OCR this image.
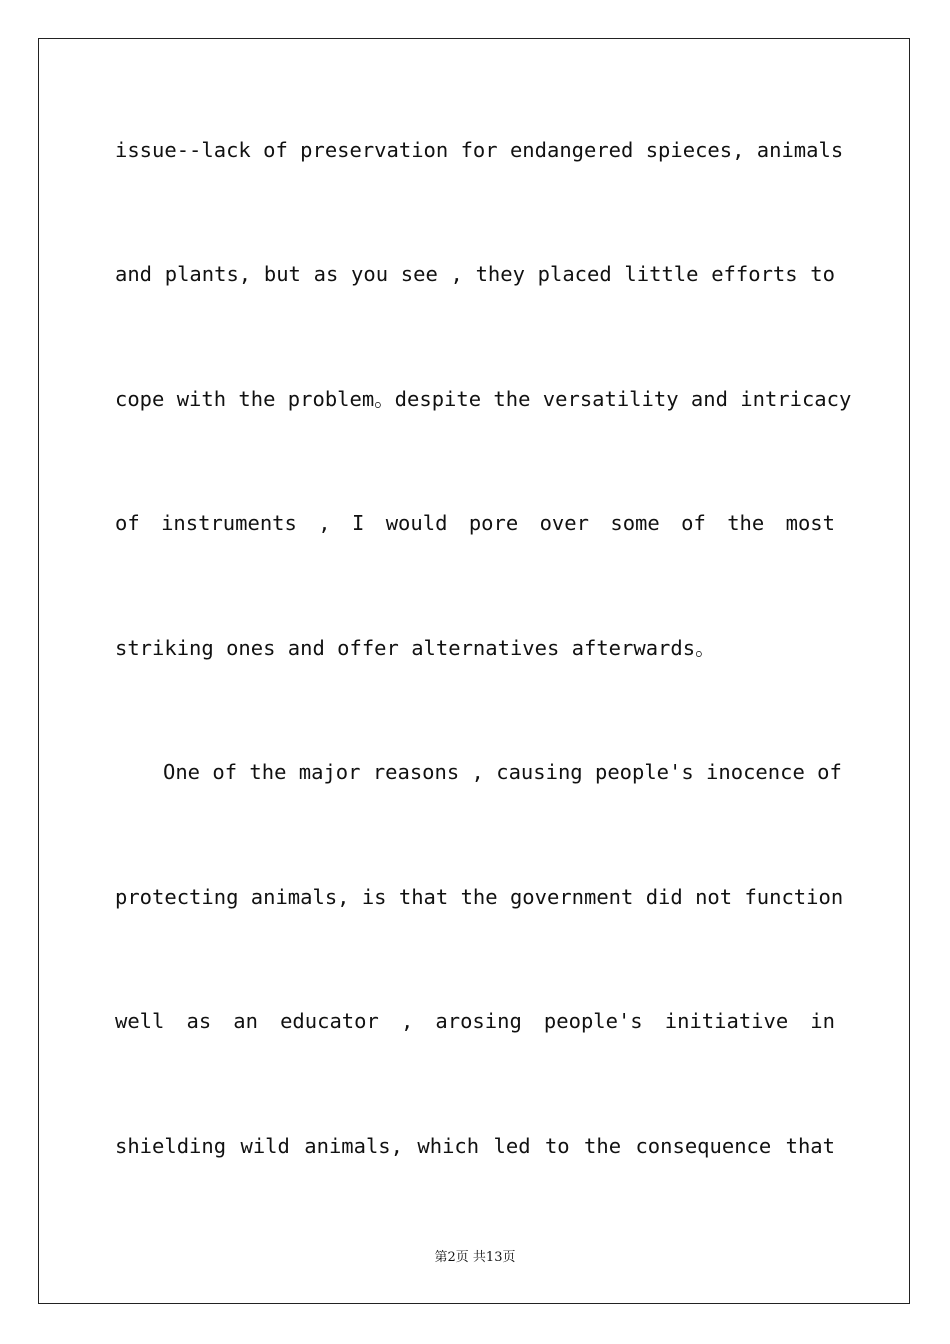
issue--lack of preservation for endangered spieces, animals
and plants, but as you see , they placed little efforts to
cope with the problem。despite the versatility and intricacy
of instruments , I would pore over some of the most
striking ones and offer alternatives afterwards。
One of the major reasons , causing people's inocence of
protecting animals, is that the government did not function
well as an educator , arosing people's initiative in
shielding wild animals, which led to the consequence that
第2页 共13页
